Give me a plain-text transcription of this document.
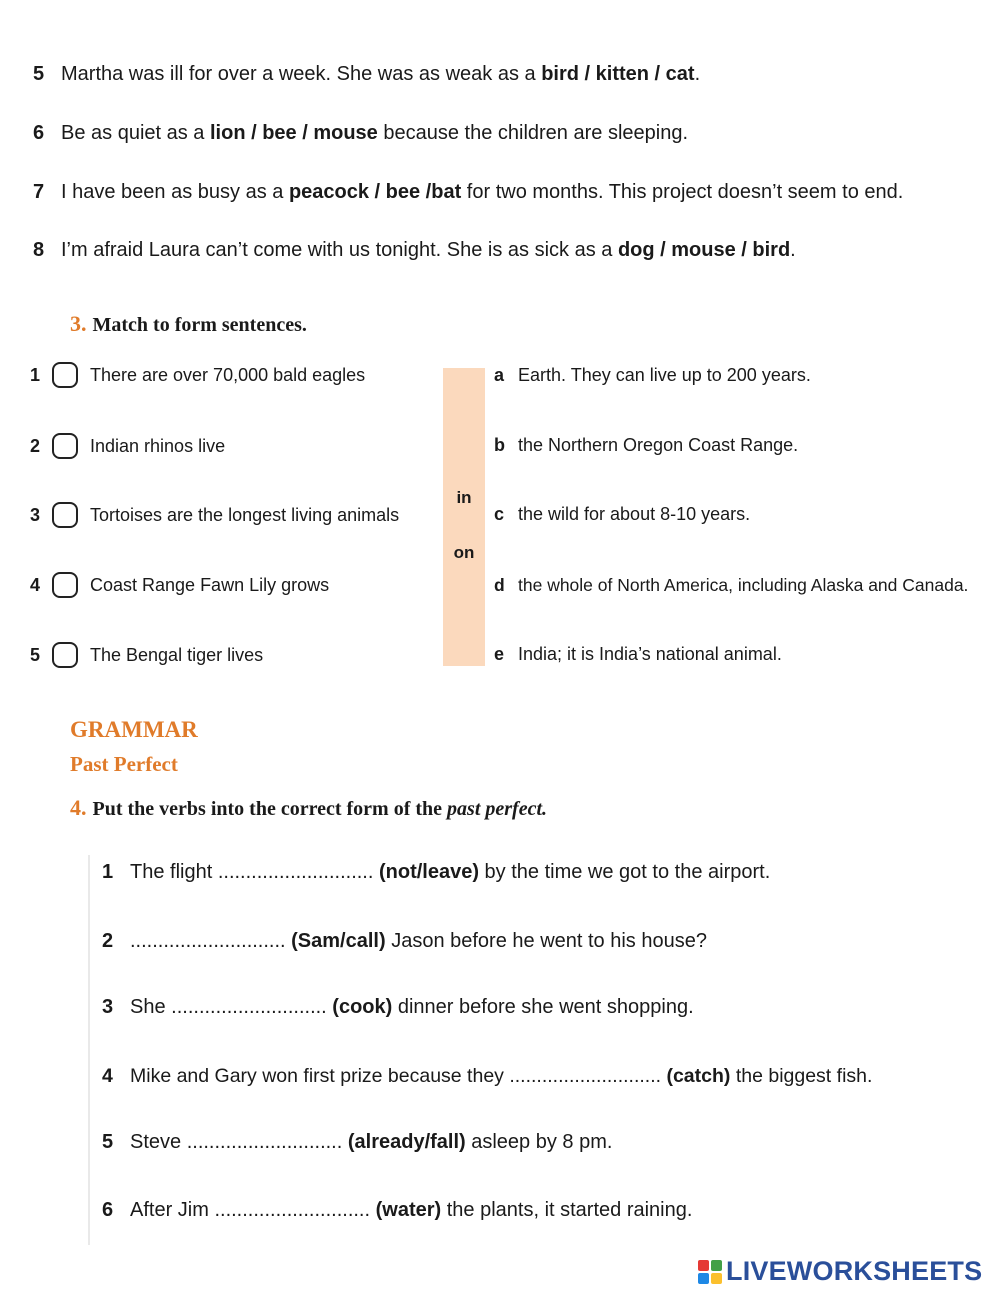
5 Martha was ill for over a week. She was as weak as a bird / kitten / cat.
6 Be as quiet as a lion / bee / mouse because the children are sleeping.
7 I have been as busy as a peacock / bee /bat for two months. This project doesn’t seem to end.
8 I’m afraid Laura can’t come with us tonight. She is as sick as a dog / mouse / bird.
3. Match to form sentences.
1	There are over 70,000 bald eagles
2	Indian rhinos live
3	Tortoises are the longest living animals
4	Coast Range Fawn Lily grows
5	The Bengal tiger lives
in
on
a Earth. They can live up to 200 years.
b the Northern Oregon Coast Range.
c the wild for about 8-10 years.
d the whole of North America, including Alaska and Canada.
e India; it is India’s national animal.
GRAMMAR
Past Perfect
4. Put the verbs into the correct form of the past perfect.
1 The flight ............................ (not/leave) by the time we got to the airport.
2 ............................ (Sam/call) Jason before he went to his house?
3 She ............................ (cook) dinner before she went shopping.
4 Mike and Gary won first prize because they ............................ (catch) the biggest fish.
5 Steve ............................ (already/fall) asleep by 8 pm.
6 After Jim ............................ (water) the plants, it started raining.
LIVEWORKSHEETS
